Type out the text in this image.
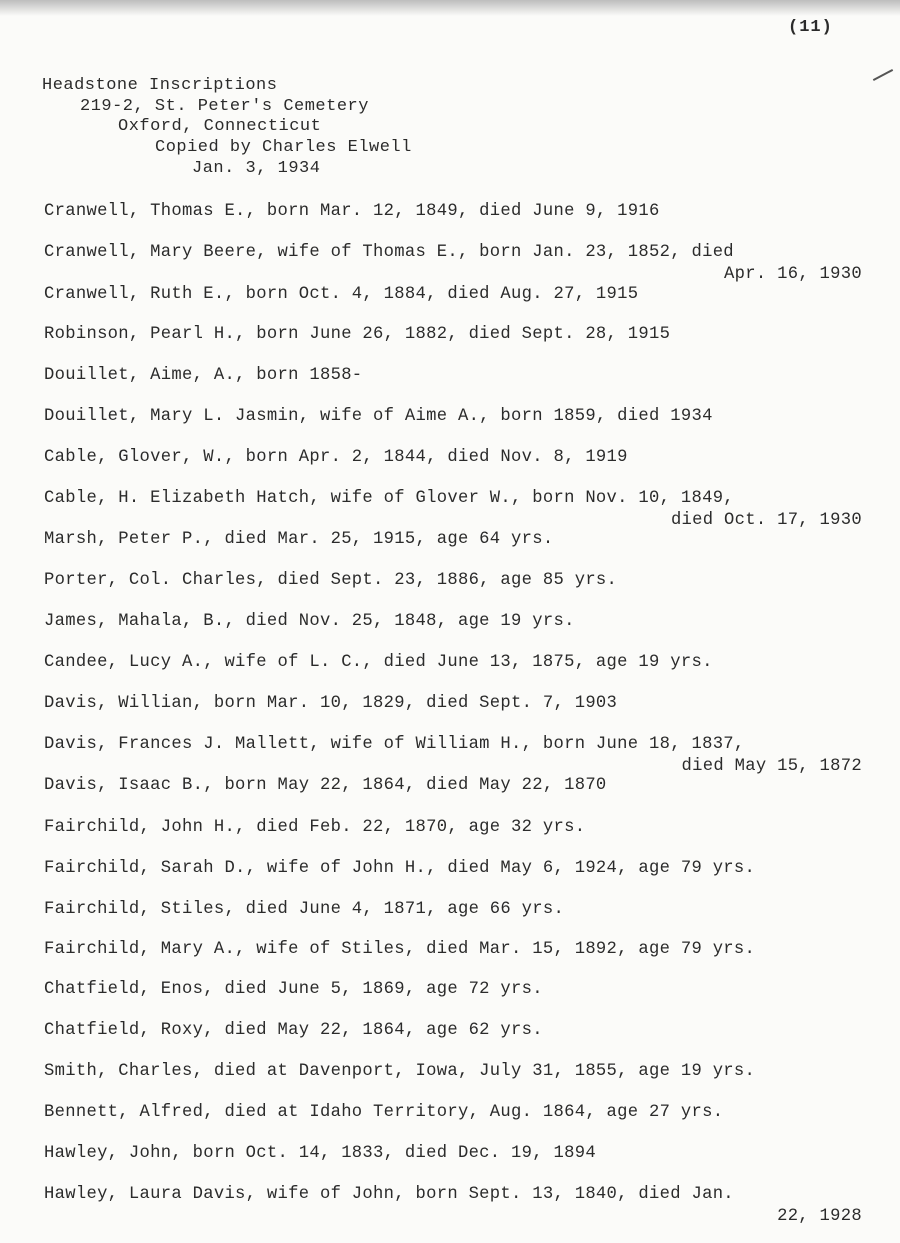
(11)
Headstone Inscriptions
219-2, St. Peter's Cemetery
Oxford, Connecticut
Copied by Charles Elwell
Jan. 3, 1934
Cranwell, Thomas E., born Mar. 12, 1849, died June 9, 1916
Cranwell, Mary Beere, wife of Thomas E., born Jan. 23, 1852, died
Apr. 16, 1930
Cranwell, Ruth E., born Oct. 4, 1884, died Aug. 27, 1915
Robinson, Pearl H., born June 26, 1882, died Sept. 28, 1915
Douillet, Aime, A., born 1858-
Douillet, Mary L. Jasmin, wife of Aime A., born 1859, died 1934
Cable, Glover, W., born Apr. 2, 1844, died Nov. 8, 1919
Cable, H. Elizabeth Hatch, wife of Glover W., born Nov. 10, 1849,
died Oct. 17, 1930
Marsh, Peter P., died Mar. 25, 1915, age 64 yrs.
Porter, Col. Charles, died Sept. 23, 1886, age 85 yrs.
James, Mahala, B., died Nov. 25, 1848, age 19 yrs.
Candee, Lucy A., wife of L. C., died June 13, 1875, age 19 yrs.
Davis, Willian, born Mar. 10, 1829, died Sept. 7, 1903
Davis, Frances J. Mallett, wife of William H., born June 18, 1837,
died May 15, 1872
Davis, Isaac B., born May 22, 1864, died May 22, 1870
Fairchild, John H., died Feb. 22, 1870, age 32 yrs.
Fairchild, Sarah D., wife of John H., died May 6, 1924, age 79 yrs.
Fairchild, Stiles, died June 4, 1871, age 66 yrs.
Fairchild, Mary A., wife of Stiles, died Mar. 15, 1892, age 79 yrs.
Chatfield, Enos, died June 5, 1869, age 72 yrs.
Chatfield, Roxy, died May 22, 1864, age 62 yrs.
Smith, Charles, died at Davenport, Iowa, July 31, 1855, age 19 yrs.
Bennett, Alfred, died at Idaho Territory, Aug. 1864, age 27 yrs.
Hawley, John, born Oct. 14, 1833, died Dec. 19, 1894
Hawley, Laura Davis, wife of John, born Sept. 13, 1840, died Jan.
22, 1928
